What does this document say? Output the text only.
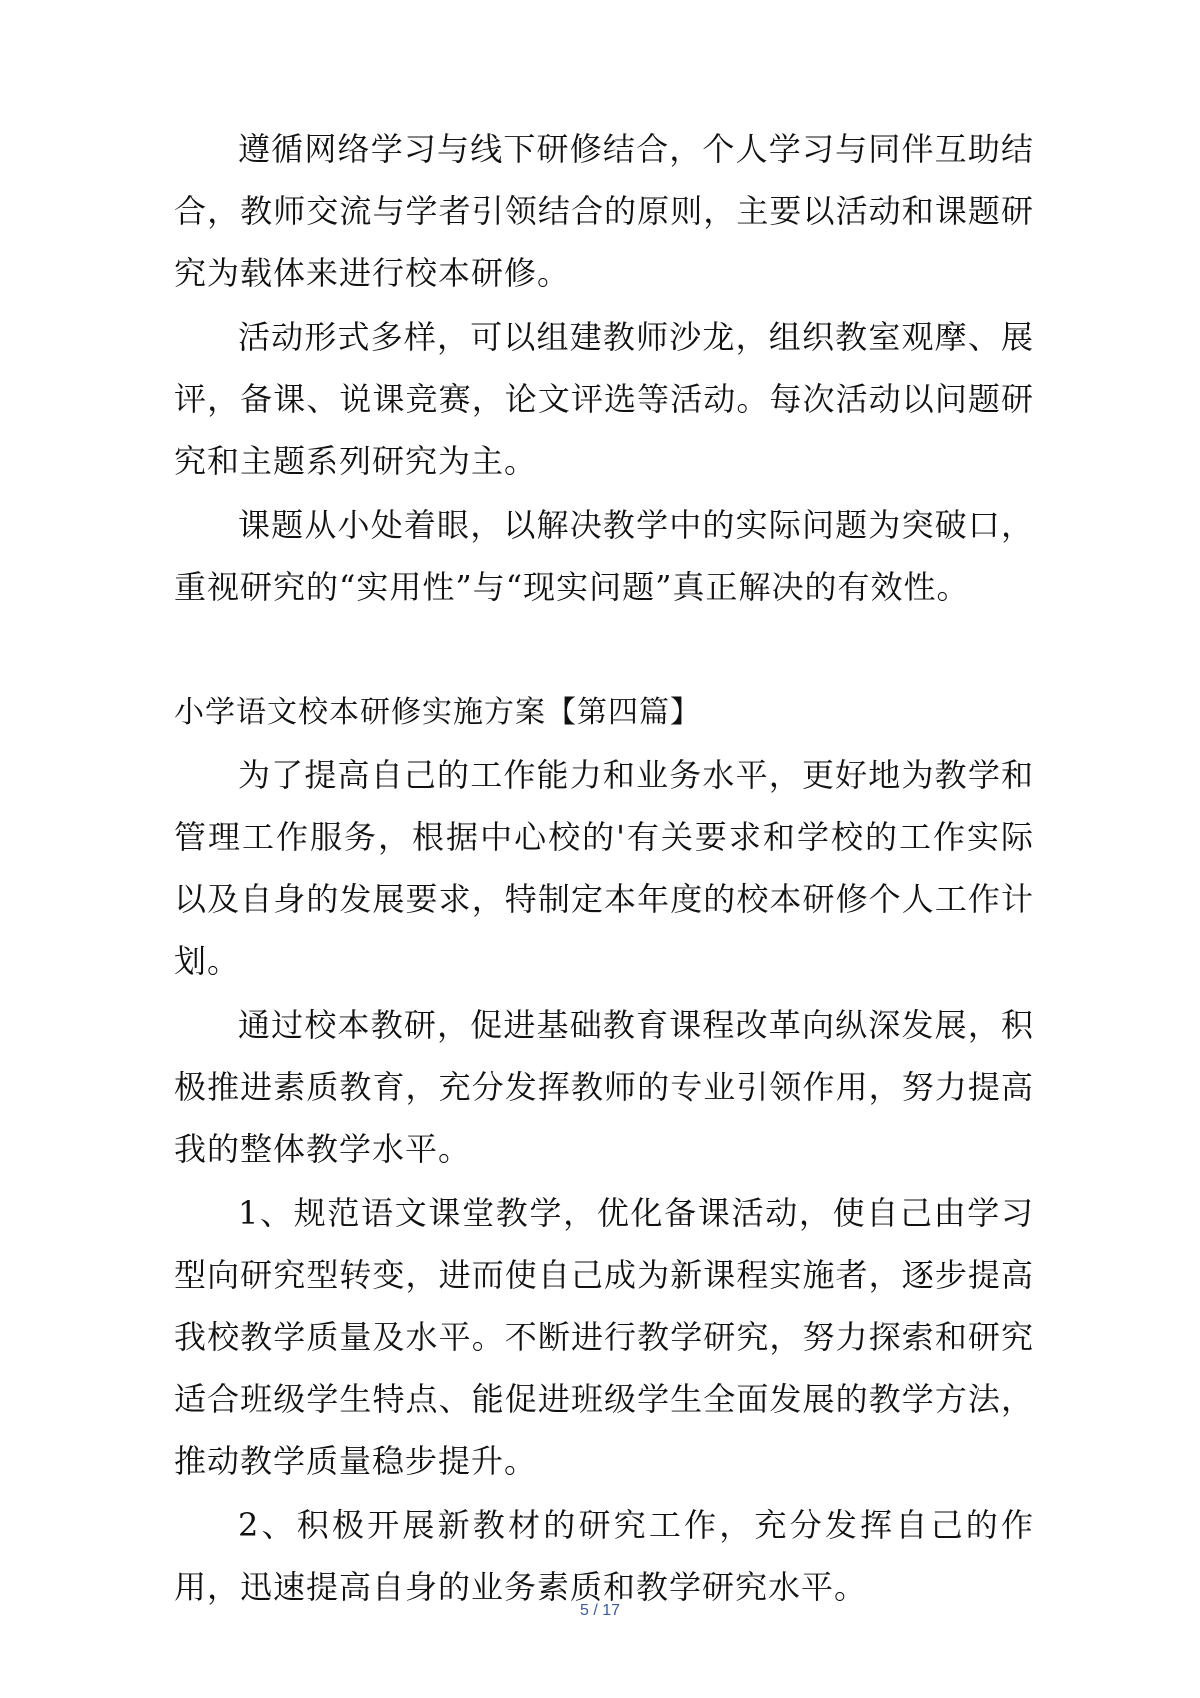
遵循网络学习与线下研修结合，个人学习与同伴互助结合，教师交流与学者引领结合的原则，主要以活动和课题研究为载体来进行校本研修。

活动形式多样，可以组建教师沙龙，组织教室观摩、展评，备课、说课竞赛，论文评选等活动。每次活动以问题研究和主题系列研究为主。

课题从小处着眼，以解决教学中的实际问题为突破口，重视研究的“实用性”与“现实问题”真正解决的有效性。

小学语文校本研修实施方案【第四篇】

为了提高自己的工作能力和业务水平，更好地为教学和管理工作服务，根据中心校的'有关要求和学校的工作实际以及自身的发展要求，特制定本年度的校本研修个人工作计划。

通过校本教研，促进基础教育课程改革向纵深发展，积极推进素质教育，充分发挥教师的专业引领作用，努力提高我的整体教学水平。

1、规范语文课堂教学，优化备课活动，使自己由学习型向研究型转变，进而使自己成为新课程实施者，逐步提高我校教学质量及水平。不断进行教学研究，努力探索和研究适合班级学生特点、能促进班级学生全面发展的教学方法，推动教学质量稳步提升。

2、积极开展新教材的研究工作，充分发挥自己的作用，迅速提高自身的业务素质和教学研究水平。

5 / 17
